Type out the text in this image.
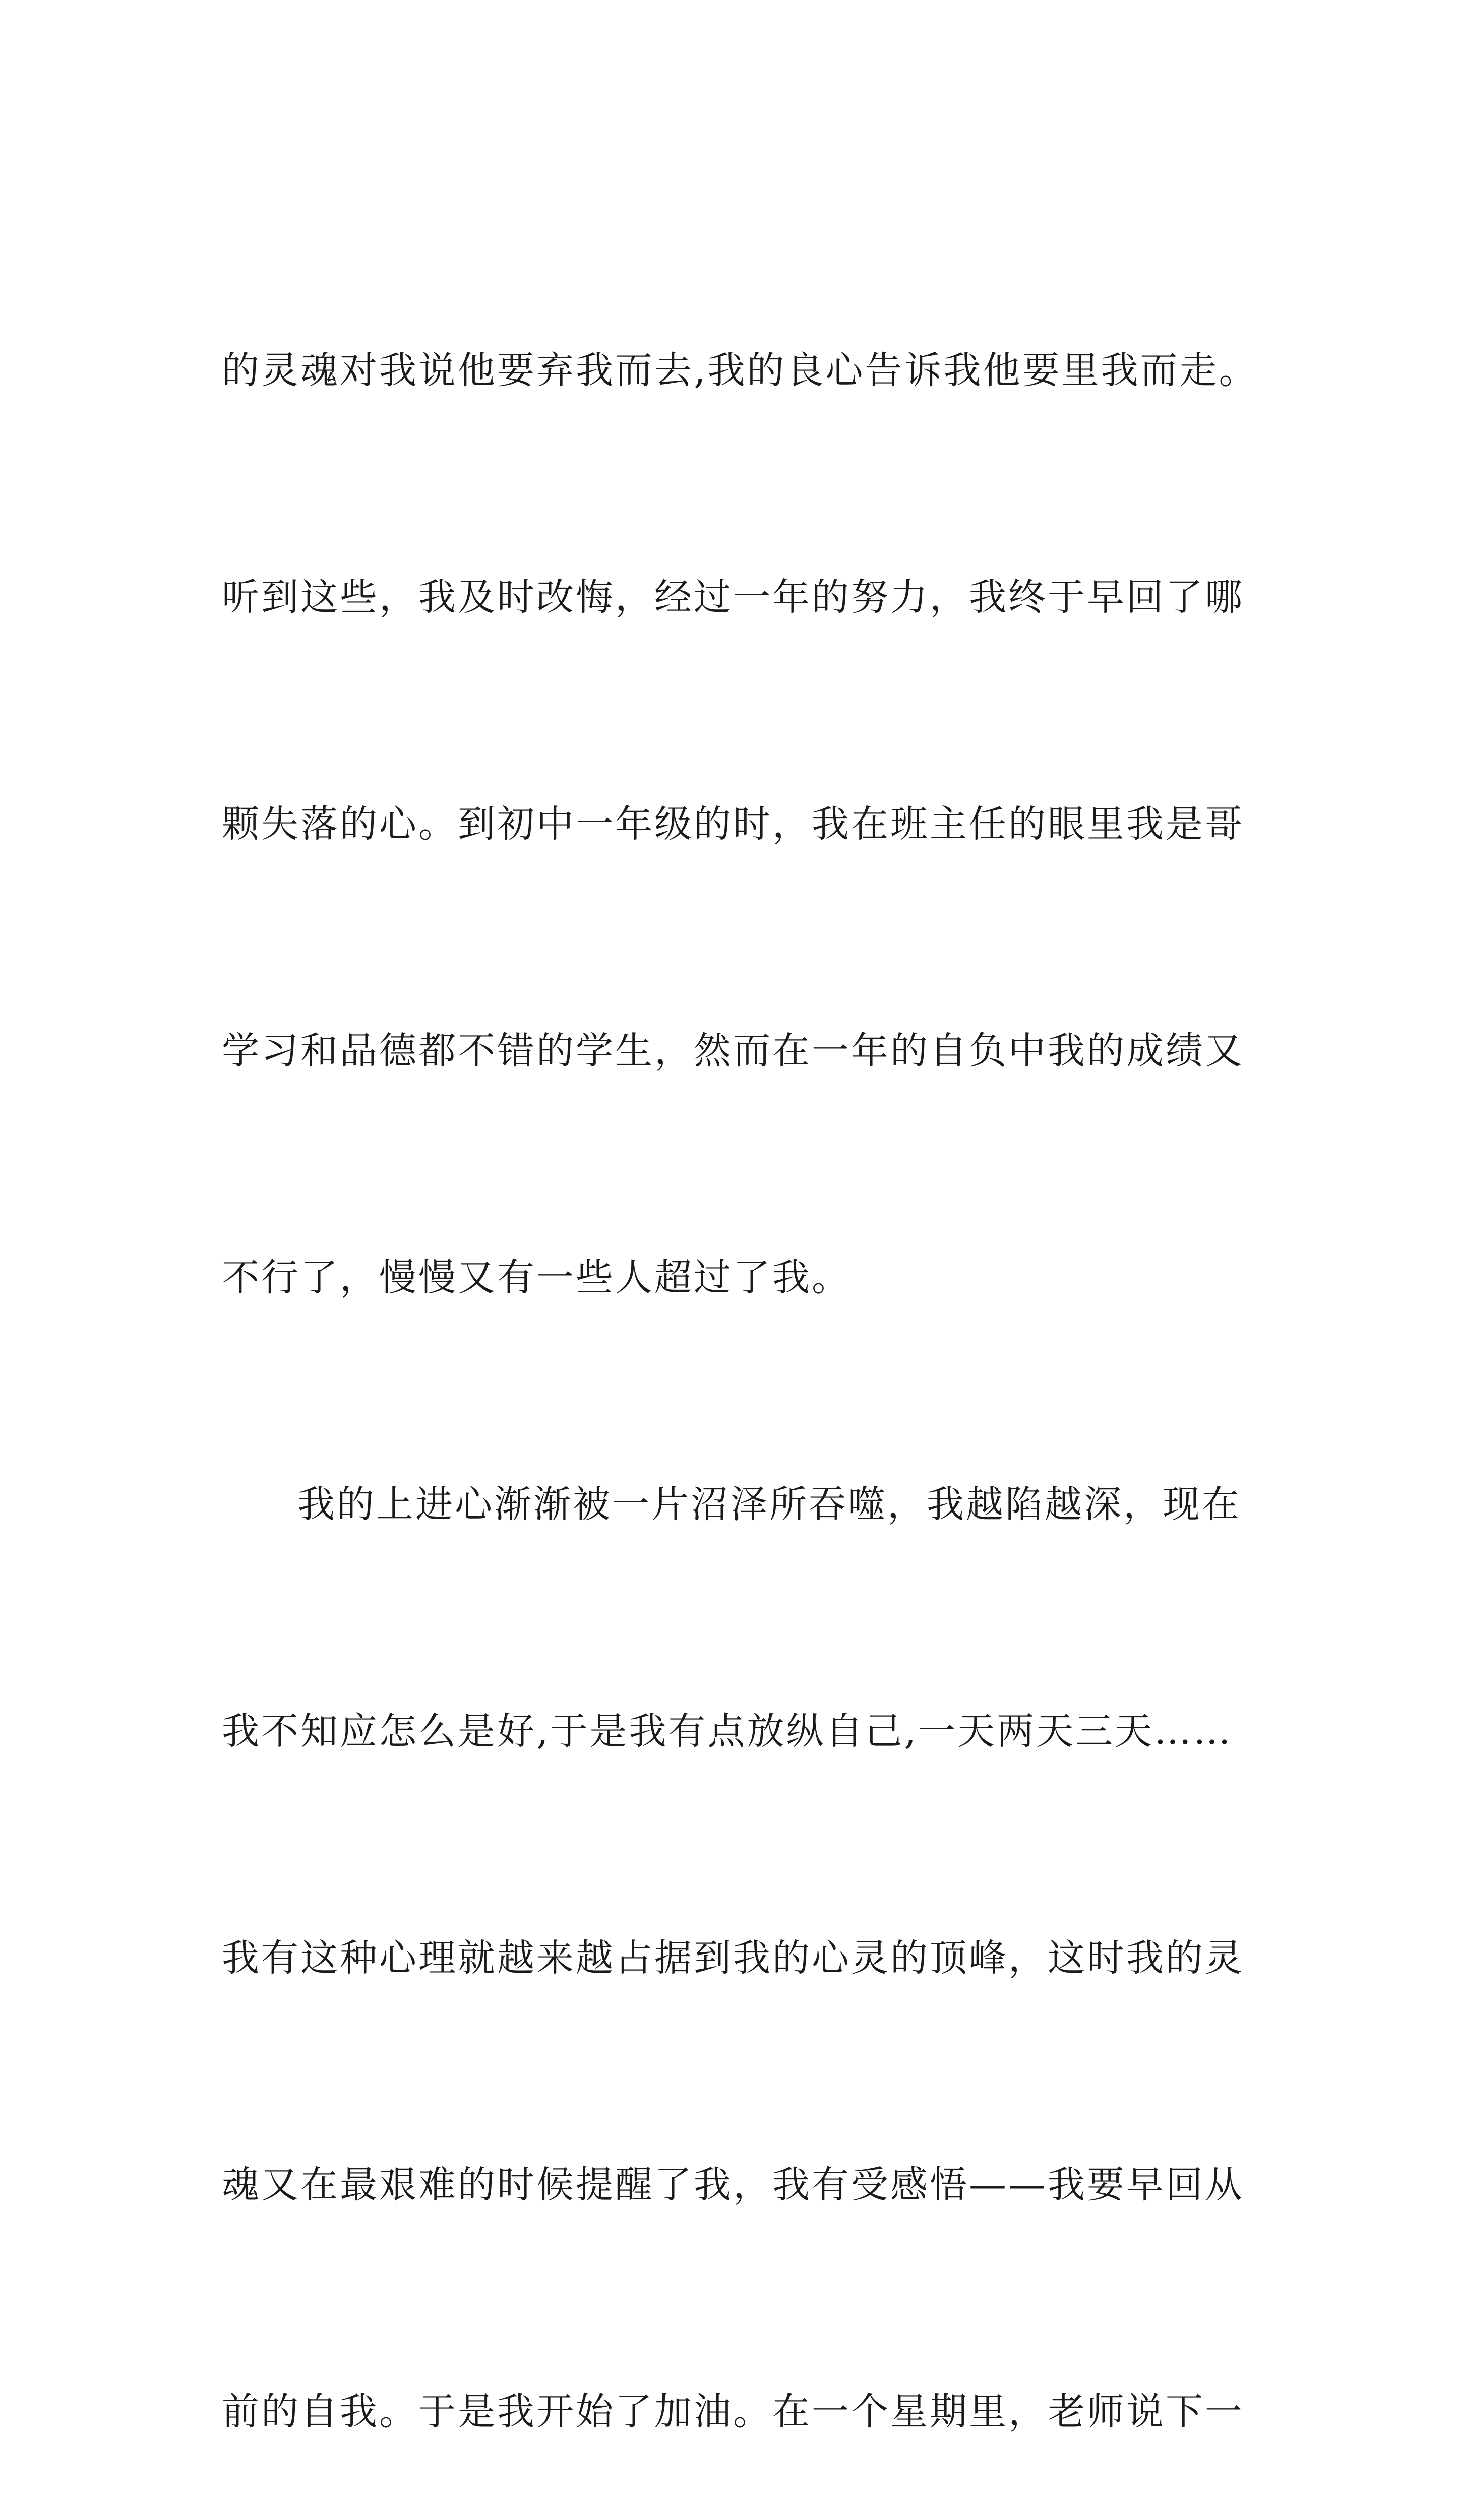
的灵魂对我说他要弃我而去,我的良心告诉我他要里我而走。

听到这些，我及时改悔，经过一年的努力，我终于早回了哪

颗失落的心。到初中一年级的时，我在班主任的眼里我是哥

学习和品德都不错的学生，然而在一年的自负中我的成绩又

不行了，慢慢又有一些人超过了我。

我的上进心渐渐被一片沼泽所吞噬，我越陷越深，现在

我不知应怎么是好,于是我有点放纵自己,一天两天三天……

我有这种心理就越来越占据到我的心灵的顶峰，这时我的灵

魂又在最艰难的时候提醒了我，我有受感悟——我要早回从

前的自我。于是我开始了加油。在一个星期里，老师说下一
